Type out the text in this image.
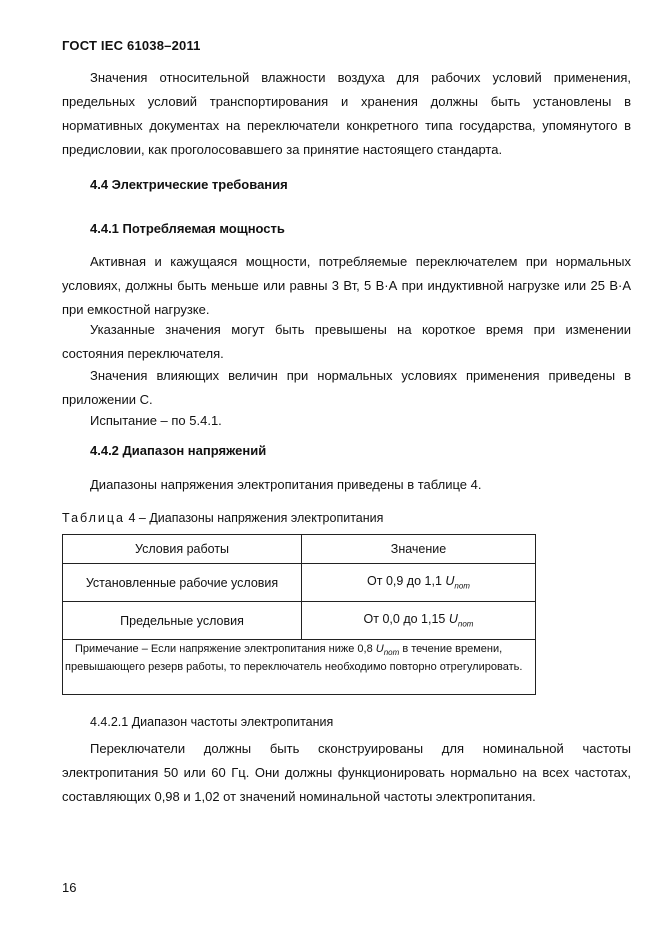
ГОСТ IEC 61038–2011
Значения относительной влажности воздуха для рабочих условий применения, предельных условий транспортирования и хранения должны быть установлены в нормативных документах на переключатели конкретного типа государства, упомянутого в предисловии, как проголосовавшего за принятие настоящего стандарта.
4.4 Электрические требования
4.4.1 Потребляемая мощность
Активная и кажущаяся мощности, потребляемые переключателем при нормальных условиях, должны быть меньше или равны 3 Вт, 5 В·А при индуктивной нагрузке или 25 В·А при емкостной нагрузке.
Указанные значения могут быть превышены на короткое время при изменении состояния переключателя.
Значения влияющих величин при нормальных условиях применения приведены в приложении С.
Испытание – по 5.4.1.
4.4.2 Диапазон напряжений
Диапазоны напряжения электропитания приведены в таблице 4.
Таблица 4 – Диапазоны напряжения электропитания
Условия работы	Значение
Установленные рабочие условия	От 0,9 до 1,1 $U_{nom}$
Предельные условия	От 0,0 до 1,15 $U_{nom}$
Примечание – Если напряжение электропитания ниже 0,8 $U_{nom}$ в течение времени, превышающего резерв работы, то переключатель необходимо повторно отрегулировать.	
4.4.2.1 Диапазон частоты электропитания
Переключатели должны быть сконструированы для номинальной частоты электропитания 50 или 60 Гц. Они должны функционировать нормально на всех частотах, составляющих 0,98 и 1,02 от значений номинальной частоты электропитания.
16
